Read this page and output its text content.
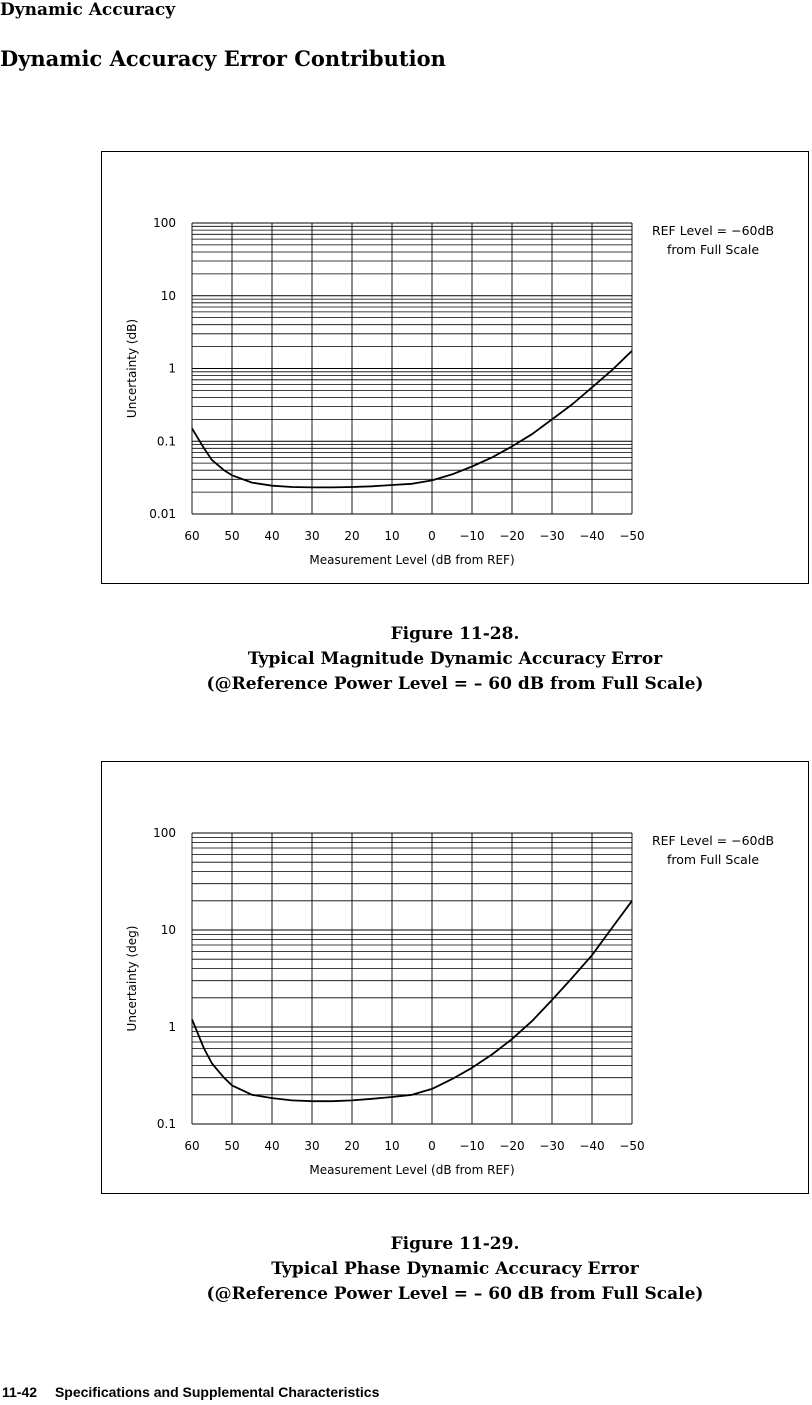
Dynamic Accuracy
Dynamic Accuracy Error Contribution
0.01
0.1
1
10
100
60 50 40 30 20 10 0 −10 −20 −30 −40 −50
Measurement Level (dB from REF)
Uncertainty (dB)
REF Level = −60dB
from Full Scale
Figure 11-28.
Typical Magnitude Dynamic Accuracy Error
(@Reference Power Level = – 60 dB from Full Scale)
0.1
1
10
100
60 50 40 30 20 10 0 −10 −20 −30 −40 −50
Measurement Level (dB from REF)
Uncertainty (deg)
REF Level = −60dB
from Full Scale
Figure 11-29.
Typical Phase Dynamic Accuracy Error
(@Reference Power Level = – 60 dB from Full Scale)
11-42 Specifications and Supplemental Characteristics
